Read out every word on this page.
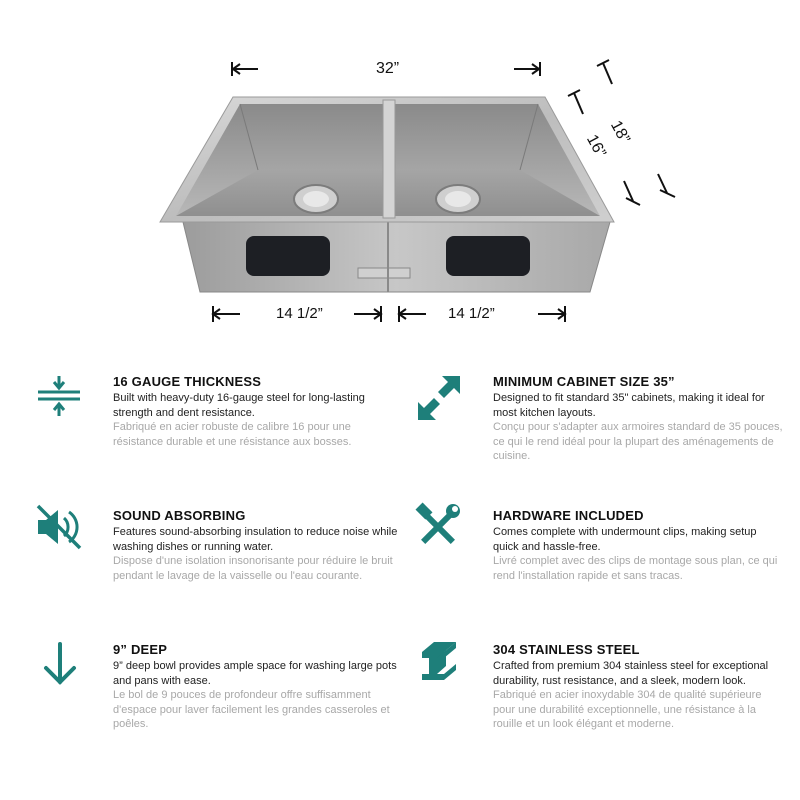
32”
18”
16”
14 1/2”	14 1/2”
16 GAUGE THICKNESS
Built with heavy-duty 16-gauge steel for long-lasting strength and dent resistance.
Fabriqué en acier robuste de calibre 16 pour une résistance durable et une résistance aux bosses.
MINIMUM CABINET SIZE 35”
Designed to fit standard 35" cabinets, making it ideal for most kitchen layouts.
Conçu pour s'adapter aux armoires standard de 35 pouces, ce qui le rend idéal pour la plupart des aménagements de cuisine.
SOUND ABSORBING
Features sound-absorbing insulation to reduce noise while washing dishes or running water.
Dispose d'une isolation insonorisante pour réduire le bruit pendant le lavage de la vaisselle ou l'eau courante.
HARDWARE INCLUDED
Comes complete with undermount clips, making setup quick and hassle-free.
Livré complet avec des clips de montage sous plan, ce qui rend l'installation rapide et sans tracas.
9” DEEP
9” deep bowl provides ample space for washing large pots and pans with ease.
Le bol de 9 pouces de profondeur offre suffisamment d'espace pour laver facilement les grandes casseroles et poêles.
304 STAINLESS STEEL
Crafted from premium 304 stainless steel for exceptional durability, rust resistance, and a sleek, modern look.
Fabriqué en acier inoxydable 304 de qualité supérieure pour une durabilité exceptionnelle, une résistance à la rouille et un look élégant et moderne.
